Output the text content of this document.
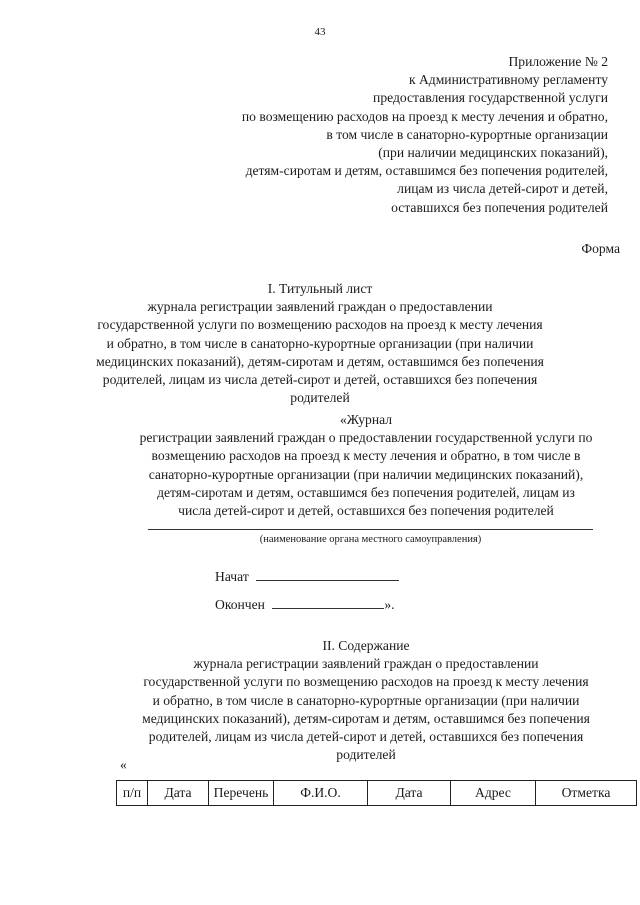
43
Приложение № 2
к Административному регламенту
предоставления государственной услуги
по возмещению расходов на проезд к месту лечения и обратно,
в том числе в санаторно-курортные организации
(при наличии медицинских показаний),
детям-сиротам и детям, оставшимся без попечения родителей,
лицам из числа детей-сирот и детей,
оставшихся без попечения родителей
Форма
I. Титульный лист
журнала регистрации заявлений граждан о предоставлении
государственной услуги по возмещению расходов на проезд к месту лечения
и обратно, в том числе в санаторно-курортные организации (при наличии
медицинских показаний), детям-сиротам и детям, оставшимся без попечения
родителей, лицам из числа детей-сирот и детей, оставшихся без попечения
родителей
«Журнал
регистрации заявлений граждан о предоставлении государственной услуги по
возмещению расходов на проезд к месту лечения и обратно, в том числе в
санаторно-курортные организации (при наличии медицинских показаний),
детям-сиротам и детям, оставшимся без попечения родителей, лицам из
числа детей-сирот и детей, оставшихся без попечения родителей
(наименование органа местного самоуправления)
Начат
Окончен	».
II. Содержание
журнала регистрации заявлений граждан о предоставлении
государственной услуги по возмещению расходов на проезд к месту лечения
и обратно, в том числе в санаторно-курортные организации (при наличии
медицинских показаний), детям-сиротам и детям, оставшимся без попечения
родителей, лицам из числа детей-сирот и детей, оставшихся без попечения
родителей
«
п/п	Дата	Перечень	Ф.И.О.	Дата	Адрес	Отметка
